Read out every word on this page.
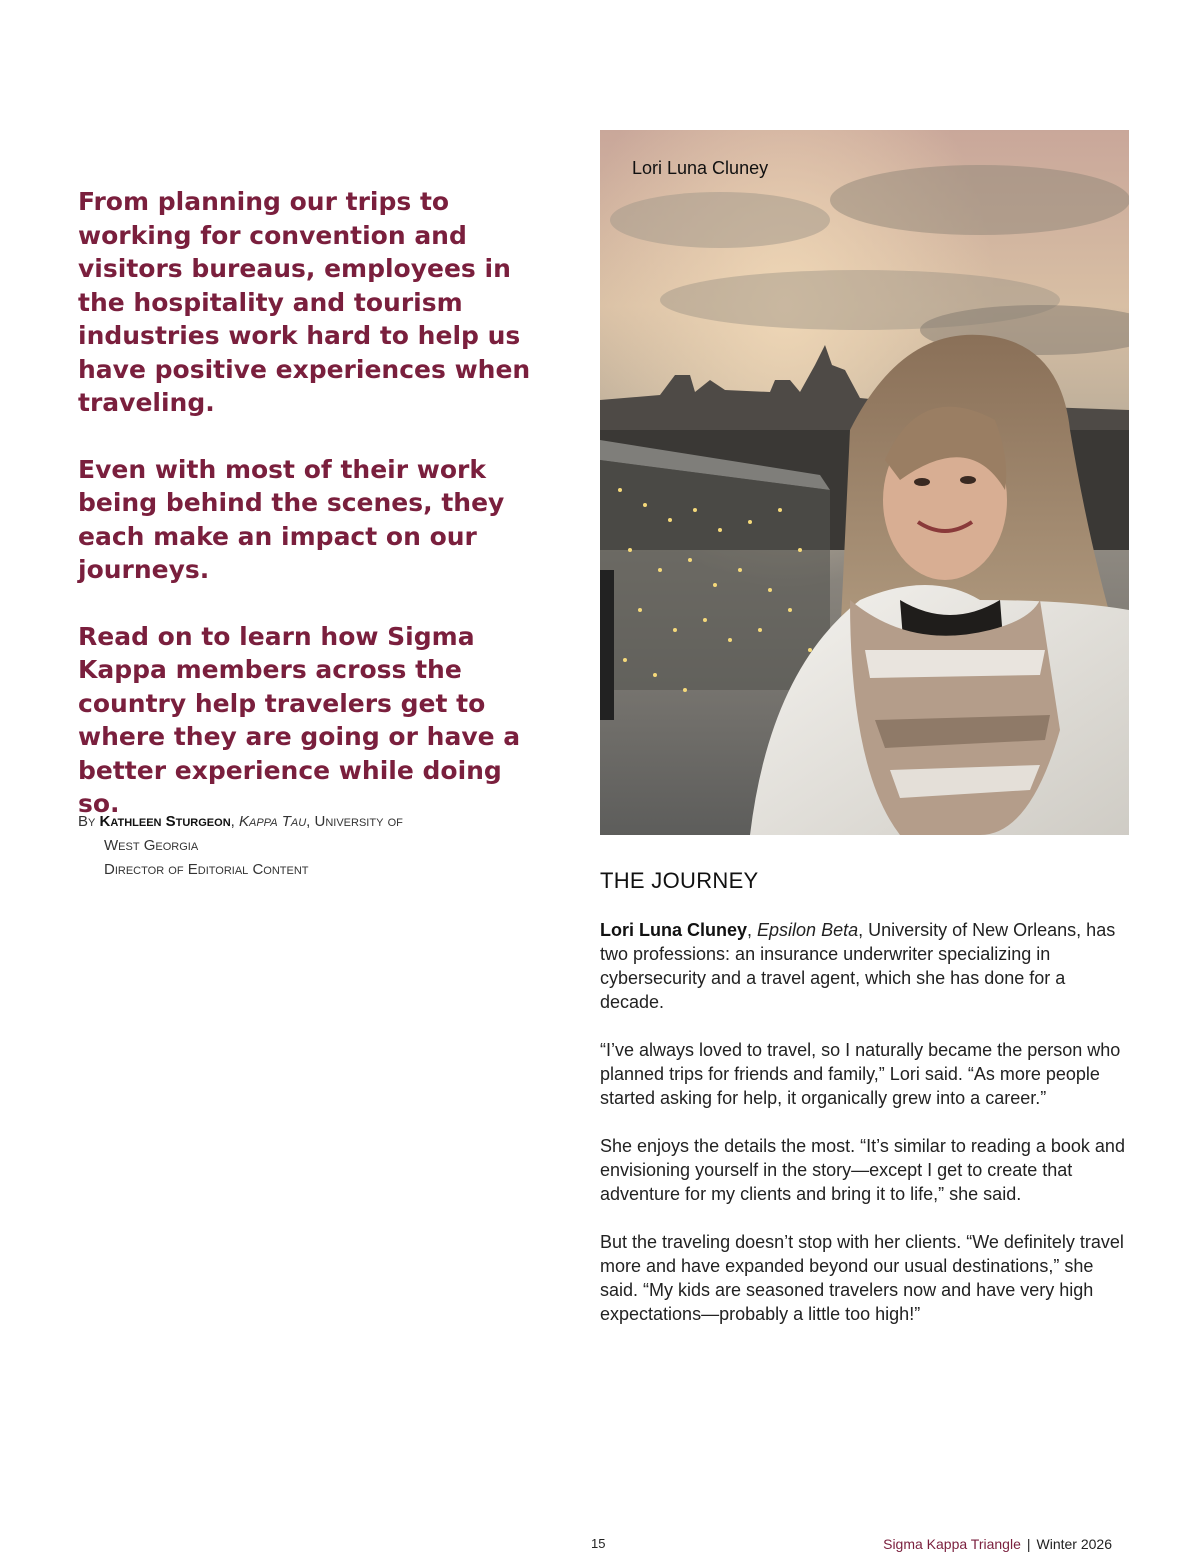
From planning our trips to working for convention and visitors bureaus, employees in the hospitality and tourism industries work hard to help us have positive experiences when traveling.

Even with most of their work being behind the scenes, they each make an impact on our journeys.

Read on to learn how Sigma Kappa members across the country help travelers get to where they are going or have a better experience while doing so.

By Kathleen Sturgeon, Kappa Tau, University of
West Georgia
Director of Editorial Content
Lori Luna Cluney
THE JOURNEY

Lori Luna Cluney, Epsilon Beta, University of New Orleans, has two professions: an insurance underwriter specializing in cybersecurity and a travel agent, which she has done for a decade.

“I’ve always loved to travel, so I naturally became the person who planned trips for friends and family,” Lori said. “As more people started asking for help, it organically grew into a career.”

She enjoys the details the most. “It’s similar to reading a book and envisioning yourself in the story—except I get to create that adventure for my clients and bring it to life,” she said.

But the traveling doesn’t stop with her clients. “We definitely travel more and have expanded beyond our usual destinations,” she said. “My kids are seasoned travelers now and have very high expectations—probably a little too high!”

15	Sigma Kappa Triangle | Winter 2026
